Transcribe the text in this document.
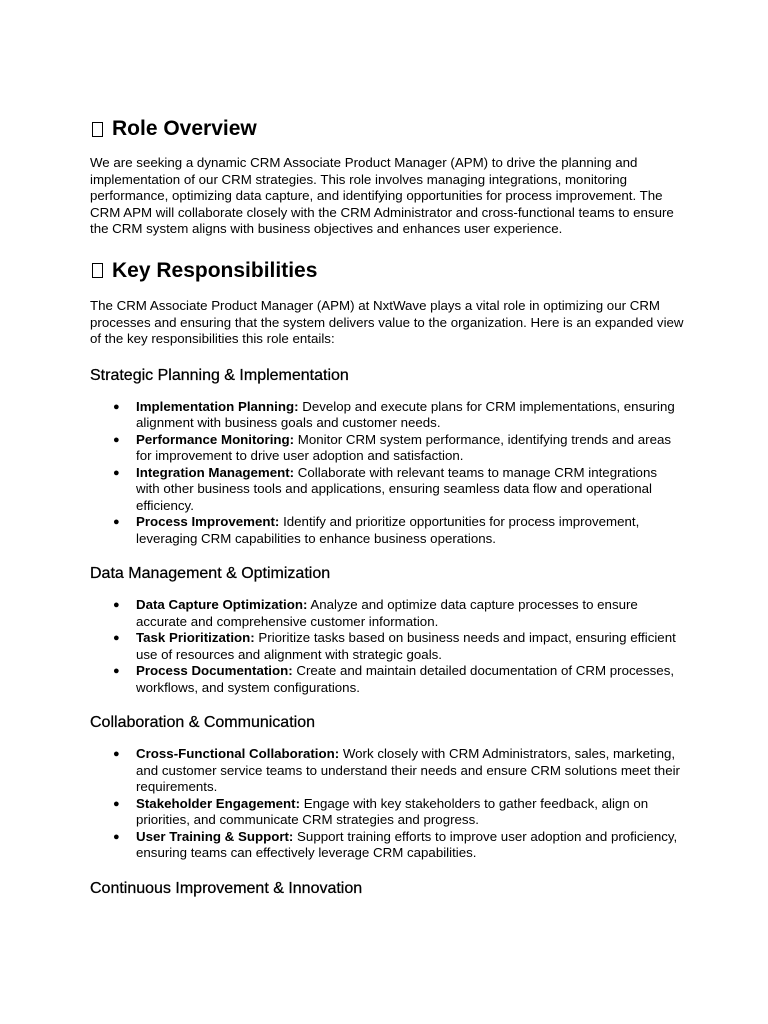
Role Overview

We are seeking a dynamic CRM Associate Product Manager (APM) to drive the planning and implementation of our CRM strategies. This role involves managing integrations, monitoring performance, optimizing data capture, and identifying opportunities for process improvement. The CRM APM will collaborate closely with the CRM Administrator and cross-functional teams to ensure the CRM system aligns with business objectives and enhances user experience.

Key Responsibilities

The CRM Associate Product Manager (APM) at NxtWave plays a vital role in optimizing our CRM processes and ensuring that the system delivers value to the organization. Here is an expanded view of the key responsibilities this role entails:

Strategic Planning & Implementation
● Implementation Planning: Develop and execute plans for CRM implementations, ensuring alignment with business goals and customer needs.
● Performance Monitoring: Monitor CRM system performance, identifying trends and areas for improvement to drive user adoption and satisfaction.
● Integration Management: Collaborate with relevant teams to manage CRM integrations with other business tools and applications, ensuring seamless data flow and operational efficiency.
● Process Improvement: Identify and prioritize opportunities for process improvement, leveraging CRM capabilities to enhance business operations.
Data Management & Optimization
● Data Capture Optimization: Analyze and optimize data capture processes to ensure accurate and comprehensive customer information.
● Task Prioritization: Prioritize tasks based on business needs and impact, ensuring efficient use of resources and alignment with strategic goals.
● Process Documentation: Create and maintain detailed documentation of CRM processes, workflows, and system configurations.
Collaboration & Communication
● Cross-Functional Collaboration: Work closely with CRM Administrators, sales, marketing, and customer service teams to understand their needs and ensure CRM solutions meet their requirements.
● Stakeholder Engagement: Engage with key stakeholders to gather feedback, align on priorities, and communicate CRM strategies and progress.
● User Training & Support: Support training efforts to improve user adoption and proficiency, ensuring teams can effectively leverage CRM capabilities.
Continuous Improvement & Innovation
